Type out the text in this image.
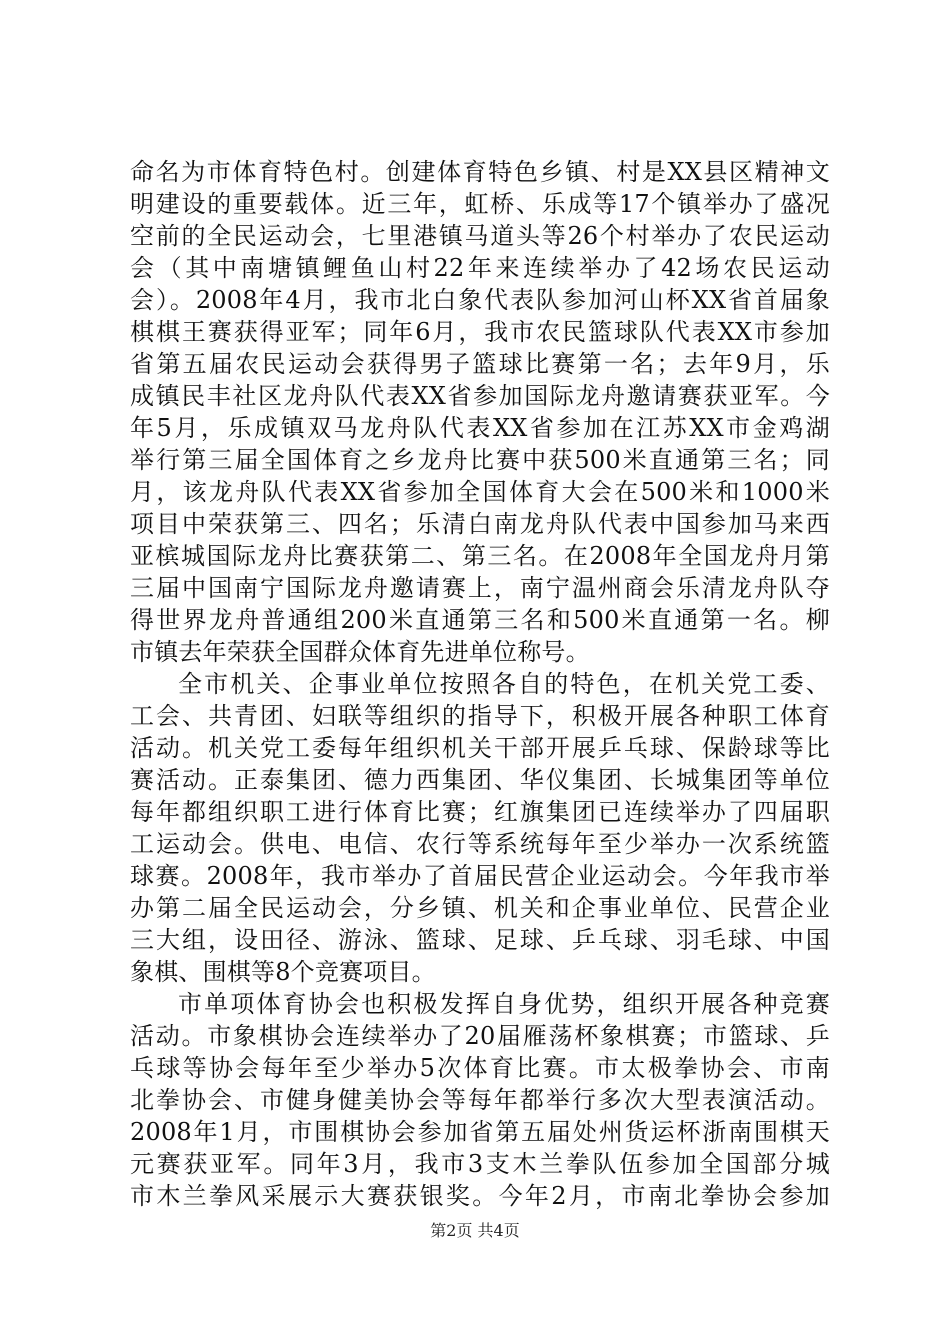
命名为市体育特色村。创建体育特色乡镇、村是XX县区精神文
明建设的重要载体。近三年，虹桥、乐成等17个镇举办了盛况
空前的全民运动会，七里港镇马道头等26个村举办了农民运动
会（其中南塘镇鲤鱼山村22年来连续举办了42场农民运动
会）。2008年4月，我市北白象代表队参加河山杯XX省首届象
棋棋王赛获得亚军；同年6月，我市农民篮球队代表XX市参加
省第五届农民运动会获得男子篮球比赛第一名；去年9月，乐
成镇民丰社区龙舟队代表XX省参加国际龙舟邀请赛获亚军。今
年5月，乐成镇双马龙舟队代表XX省参加在江苏XX市金鸡湖
举行第三届全国体育之乡龙舟比赛中获500米直通第三名；同
月，该龙舟队代表XX省参加全国体育大会在500米和1000米
项目中荣获第三、四名；乐清白南龙舟队代表中国参加马来西
亚槟城国际龙舟比赛获第二、第三名。在2008年全国龙舟月第
三届中国南宁国际龙舟邀请赛上，南宁温州商会乐清龙舟队夺
得世界龙舟普通组200米直通第三名和500米直通第一名。柳
市镇去年荣获全国群众体育先进单位称号。
全市机关、企事业单位按照各自的特色，在机关党工委、
工会、共青团、妇联等组织的指导下，积极开展各种职工体育
活动。机关党工委每年组织机关干部开展乒乓球、保龄球等比
赛活动。正泰集团、德力西集团、华仪集团、长城集团等单位
每年都组织职工进行体育比赛；红旗集团已连续举办了四届职
工运动会。供电、电信、农行等系统每年至少举办一次系统篮
球赛。2008年，我市举办了首届民营企业运动会。今年我市举
办第二届全民运动会，分乡镇、机关和企事业单位、民营企业
三大组，设田径、游泳、篮球、足球、乒乓球、羽毛球、中国
象棋、围棋等8个竞赛项目。
市单项体育协会也积极发挥自身优势，组织开展各种竞赛
活动。市象棋协会连续举办了20届雁荡杯象棋赛；市篮球、乒
乓球等协会每年至少举办5次体育比赛。市太极拳协会、市南
北拳协会、市健身健美协会等每年都举行多次大型表演活动。
2008年1月，市围棋协会参加省第五届处州货运杯浙南围棋天
元赛获亚军。同年3月，我市3支木兰拳队伍参加全国部分城
市木兰拳风采展示大赛获银奖。今年2月，市南北拳协会参加
第2页 共4页
